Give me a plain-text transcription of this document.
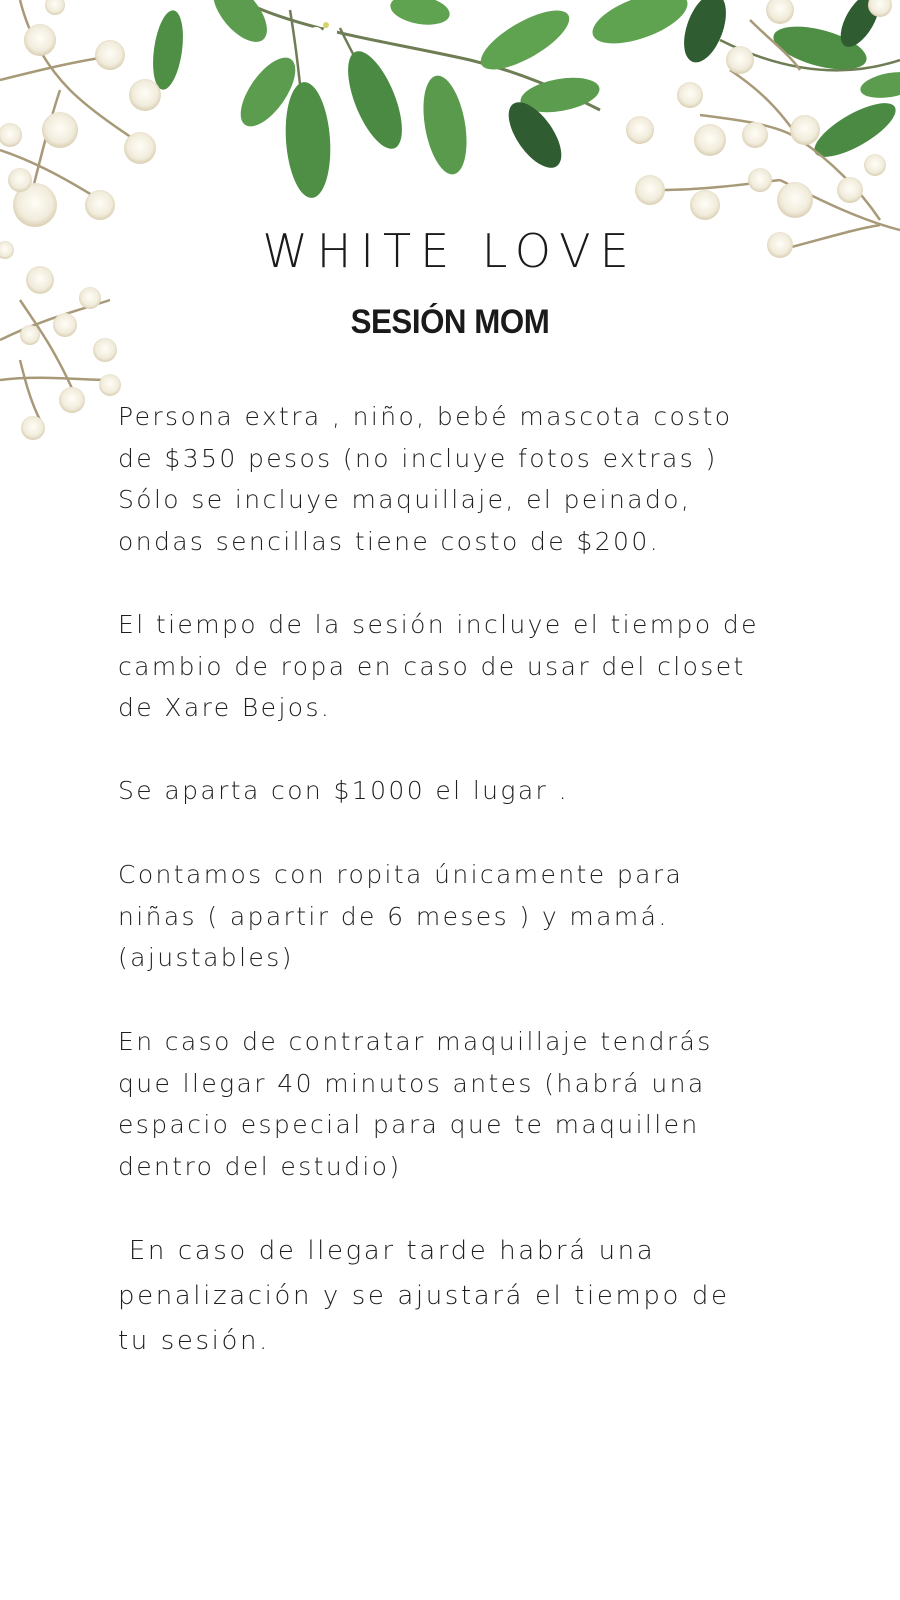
WHITE LOVE
SESIÓN MOM

Persona extra , niño, bebé mascota costo
de $350 pesos (no incluye fotos extras )
Sólo se incluye maquillaje, el peinado,
ondas sencillas tiene costo de $200.

El tiempo de la sesión incluye el tiempo de
cambio de ropa en caso de usar del closet
de Xare Bejos.

Se aparta con $1000 el lugar .

Contamos con ropita únicamente para
niñas ( apartir de 6 meses ) y mamá.
(ajustables)

En caso de contratar maquillaje tendrás
que llegar 40 minutos antes (habrá una
espacio especial para que te maquillen
dentro del estudio)

En caso de llegar tarde habrá una
penalización y se ajustará el tiempo de
tu sesión.
